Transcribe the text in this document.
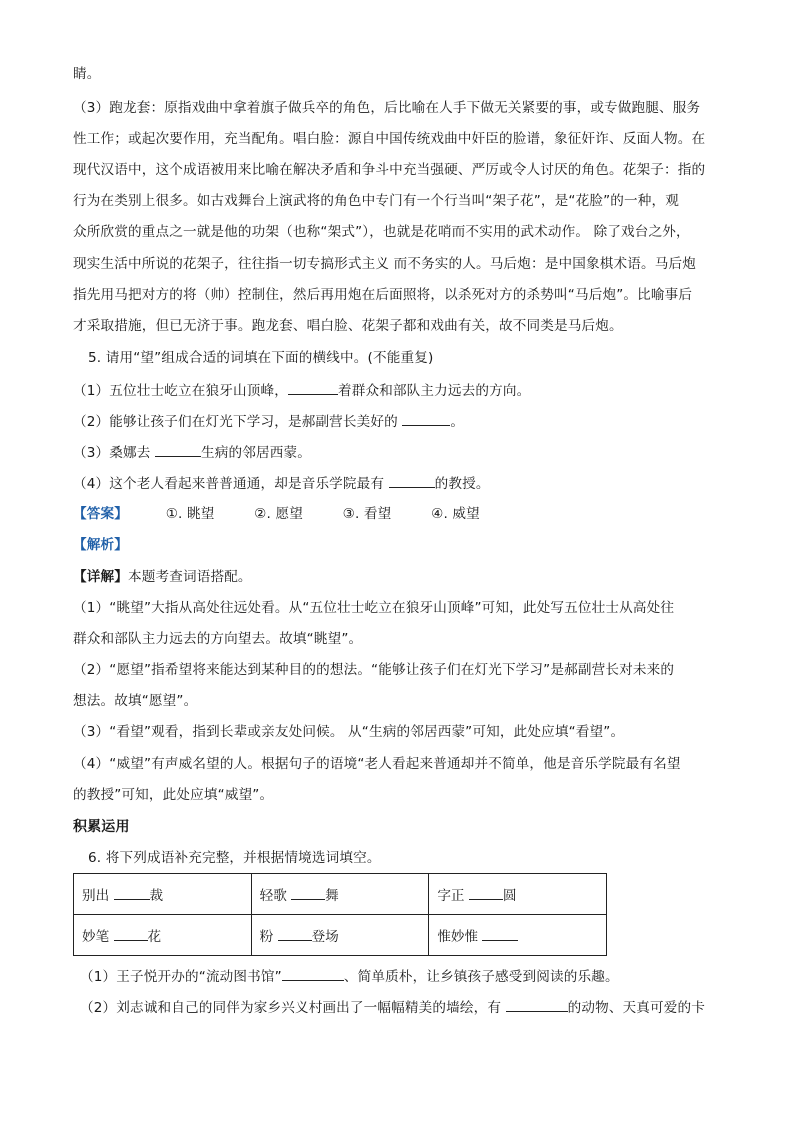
睛。
（3）跑龙套：原指戏曲中拿着旗子做兵卒的角色，后比喻在人手下做无关紧要的事，或专做跑腿、服务
性工作；或起次要作用，充当配角。唱白脸：源自中国传统戏曲中奸臣的脸谱，象征奸诈、反面人物。在
现代汉语中，这个成语被用来比喻在解决矛盾和争斗中充当强硬、严厉或令人讨厌的角色。花架子：指的
行为在类别上很多。如古戏舞台上演武将的角色中专门有一个行当叫“架子花”，是“花脸”的一种，观
众所欣赏的重点之一就是他的功架（也称“架式”），也就是花哨而不实用的武术动作。 除了戏台之外，
现实生活中所说的花架子，往往指一切专搞形式主义 而不务实的人。马后炮：是中国象棋术语。马后炮
指先用马把对方的将（帅）控制住，然后再用炮在后面照将，以杀死对方的杀势叫“马后炮”。比喻事后
才采取措施，但已无济于事。跑龙套、唱白脸、花架子都和戏曲有关，故不同类是马后炮。
5. 请用“望”组成合适的词填在下面的横线中。(不能重复)
（1）五位壮士屹立在狼牙山顶峰，	着群众和部队主力远去的方向。
（2）能够让孩子们在灯光下学习，是郝副营长美好的	。
（3）桑娜去	生病的邻居西蒙。
（4）这个老人看起来普普通通，却是音乐学院最有	的教授。
【答案】	①. 眺望	②. 愿望	③. 看望	④. 威望
【解析】
【详解】本题考查词语搭配。
（1）“眺望”大指从高处往远处看。从“五位壮士屹立在狼牙山顶峰”可知，此处写五位壮士从高处往
群众和部队主力远去的方向望去。故填“眺望”。
（2）“愿望”指希望将来能达到某种目的的想法。“能够让孩子们在灯光下学习”是郝副营长对未来的
想法。故填“愿望”。
（3）“看望”观看，指到长辈或亲友处问候。 从“生病的邻居西蒙”可知，此处应填“看望”。
（4）“威望”有声威名望的人。根据句子的语境“老人看起来普通却并不简单，他是音乐学院最有名望
的教授”可知，此处应填“威望”。
积累运用
6. 将下列成语补充完整，并根据情境选词填空。
别出 裁	轻歌 舞	字正 圆
妙笔 花	粉 登场	惟妙惟
（1）王子悦开办的“流动图书馆”	、简单质朴，让乡镇孩子感受到阅读的乐趣。
（2）刘志诚和自己的同伴为家乡兴义村画出了一幅幅精美的墙绘，有	的动物、天真可爱的卡
